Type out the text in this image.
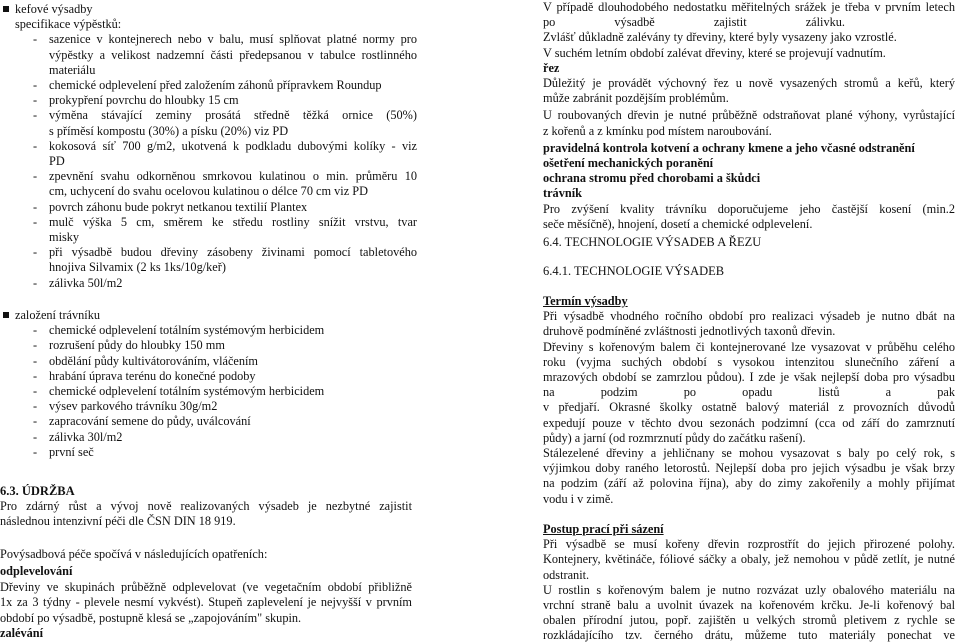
kefové výsadby
specifikace výpěstků:
- sazenice v kontejnerech nebo v balu, musí splňovat platné normy pro
výpěstky a velikost nadzemní části předepsanou v tabulce rostlinného
materiálu
- chemické odplevelení před založením záhonů přípravkem Roundup
- prokypření povrchu do hloubky 15 cm
- výměna stávající zeminy prosátá středně těžká ornice (50%)
s příměsí kompostu (30%) a písku (20%) viz PD
- kokosová síť 700 g/m2, ukotvená k podkladu dubovými kolíky - viz
PD
- zpevnění svahu odkorněnou smrkovou kulatinou o min. průměru 10
cm, uchycení do svahu ocelovou kulatinou o délce 70 cm viz PD
- povrch záhonu bude pokryt netkanou textilií Plantex
- mulč výška 5 cm, směrem ke středu rostliny snížit vrstvu, tvar
misky
- při výsadbě budou dřeviny zásobeny živinami pomocí tabletového
hnojiva Silvamix (2 ks 1ks/10g/keř)
- zálivka 50l/m2
založení trávníku
- chemické odplevelení totálním systémovým herbicidem
- rozrušení půdy do hloubky 150 mm
- obdělání půdy kultivátorováním, vláčením
- hrabání úprava terénu do konečné podoby
- chemické odplevelení totálním systémovým herbicidem
- výsev parkového trávníku 30g/m2
- zapracování semene do půdy, uválcování
- zálivka 30l/m2
- první seč
6.3. ÚDRŽBA
Pro zdárný růst a vývoj nově realizovaných výsadeb je nezbytné zajistit
následnou intenzivní péči dle ČSN DIN 18 919.
Povýsadbová péče spočívá v následujících opatřeních:
odplevelování
Dřeviny ve skupinách průběžně odplevelovat (ve vegetačním období přibližně
1x za 3 týdny - plevele nesmí vykvést). Stupeň zaplevelení je nejvyšší v prvním
období po výsadbě, postupně klesá se „zapojováním" skupin.
zalévání
V případě dlouhodobého nedostatku měřitelných srážek je třeba v prvním letech
po výsadbě zajistit zálivku.
Zvlášť důkladně zalévány ty dřeviny, které byly vysazeny jako vzrostlé.
V suchém letním období zalévat dřeviny, které se projevují vadnutím.
řez
Důležitý je provádět výchovný řez u nově vysazených stromů a keřů, který
může zabránit pozdějším problémům.
U roubovaných dřevin je nutné průběžně odstraňovat plané výhony, vyrůstající
z kořenů a z kmínku pod místem naroubování.
pravidelná kontrola kotvení a ochrany kmene a jeho včasné odstranění
ošetření mechanických poranění
ochrana stromu před chorobami a škůdci
trávník
Pro zvýšení kvality trávníku doporučujeme jeho častější kosení (min.2
seče měsíčně), hnojení, dosetí a chemické odplevelení.
6.4. TECHNOLOGIE VÝSADEB A ŘEZU
6.4.1. TECHNOLOGIE VÝSADEB
Termín výsadby
Při výsadbě vhodného ročního období pro realizaci výsadeb je nutno dbát na
druhově podmíněné zvláštnosti jednotlivých taxonů dřevin.
Dřeviny s kořenovým balem či kontejnerované lze vysazovat v průběhu celého
roku (vyjma suchých období s vysokou intenzitou slunečního záření a
mrazových období se zamrzlou půdou). I zde je však nejlepší doba pro výsadbu
na podzim po opadu listů a pak
v předjaří. Okrasné školky ostatně balový materiál z provozních důvodů
expedují pouze v těchto dvou sezonách podzimní (cca od září do zamrznutí
půdy) a jarní (od rozmrznutí půdy do začátku rašení).
Stálezelené dřeviny a jehličnany se mohou vysazovat s baly po celý rok, s
výjimkou doby raného letorostů. Nejlepší doba pro jejich výsadbu je však brzy
na podzim (září až polovina října), aby do zimy zakořenily a mohly přijímat
vodu i v zimě.
Postup prací při sázení
Při výsadbě se musí kořeny dřevin rozprostřít do jejich přirozené polohy.
Kontejnery, květináče, fóliové sáčky a obaly, jež nemohou v půdě zetlít, je nutné
odstranit.
U rostlin s kořenovým balem je nutno rozvázat uzly obalového materiálu na
vrchní straně balu a uvolnit úvazek na kořenovém krčku. Je-li kořenový bal
obalen přírodní jutou, popř. zajištěn u velkých stromů pletivem z rychle se
rozkládajícího tzv. černého drátu, můžeme tuto materiály ponechat ve
